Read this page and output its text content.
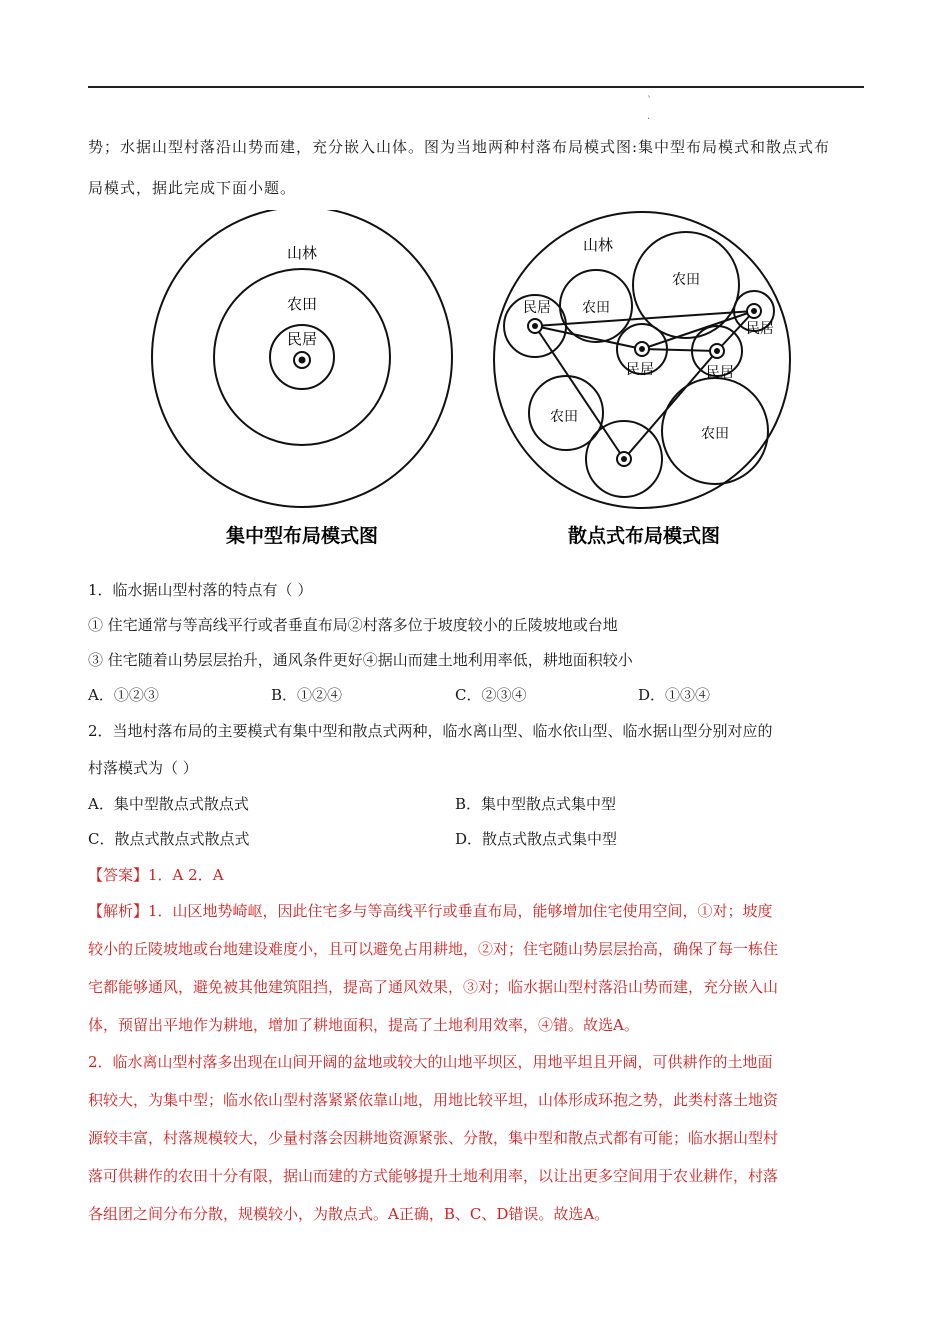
`
·
势；水据山型村落沿山势而建，充分嵌入山体。图为当地两种村落布局模式图:集中型布局模式和散点式布
局模式，据此完成下面小题。
山林
农田
民居
集中型布局模式图
山林
农田
农田
农田
农田
民居
民居	民居
民居
散点式布局模式图
1．临水据山型村落的特点有（ ）
① 住宅通常与等高线平行或者垂直布局②村落多位于坡度较小的丘陵坡地或台地
③ 住宅随着山势层层抬升，通风条件更好④据山而建土地利用率低，耕地面积较小
A．①②③	B．①②④	C．②③④	D．①③④
2．当地村落布局的主要模式有集中型和散点式两种，临水离山型、临水依山型、临水据山型分别对应的
村落模式为（ ）
A．集中型散点式散点式	B．集中型散点式集中型
C．散点式散点式散点式	D．散点式散点式集中型
【答案】1．A 2．A
【解析】1．山区地势崎岖，因此住宅多与等高线平行或垂直布局，能够增加住宅使用空间，①对；坡度
较小的丘陵坡地或台地建设难度小，且可以避免占用耕地，②对；住宅随山势层层抬高，确保了每一栋住
宅都能够通风，避免被其他建筑阻挡，提高了通风效果，③对；临水据山型村落沿山势而建，充分嵌入山
体，预留出平地作为耕地，增加了耕地面积，提高了土地利用效率，④错。故选A。
2．临水离山型村落多出现在山间开阔的盆地或较大的山地平坝区，用地平坦且开阔，可供耕作的土地面
积较大，为集中型；临水依山型村落紧紧依靠山地，用地比较平坦，山体形成环抱之势，此类村落土地资
源较丰富，村落规模较大，少量村落会因耕地资源紧张、分散，集中型和散点式都有可能；临水据山型村
落可供耕作的农田十分有限，据山而建的方式能够提升土地利用率，以让出更多空间用于农业耕作，村落
各组团之间分布分散，规模较小，为散点式。A正确，B、C、D错误。故选A。
